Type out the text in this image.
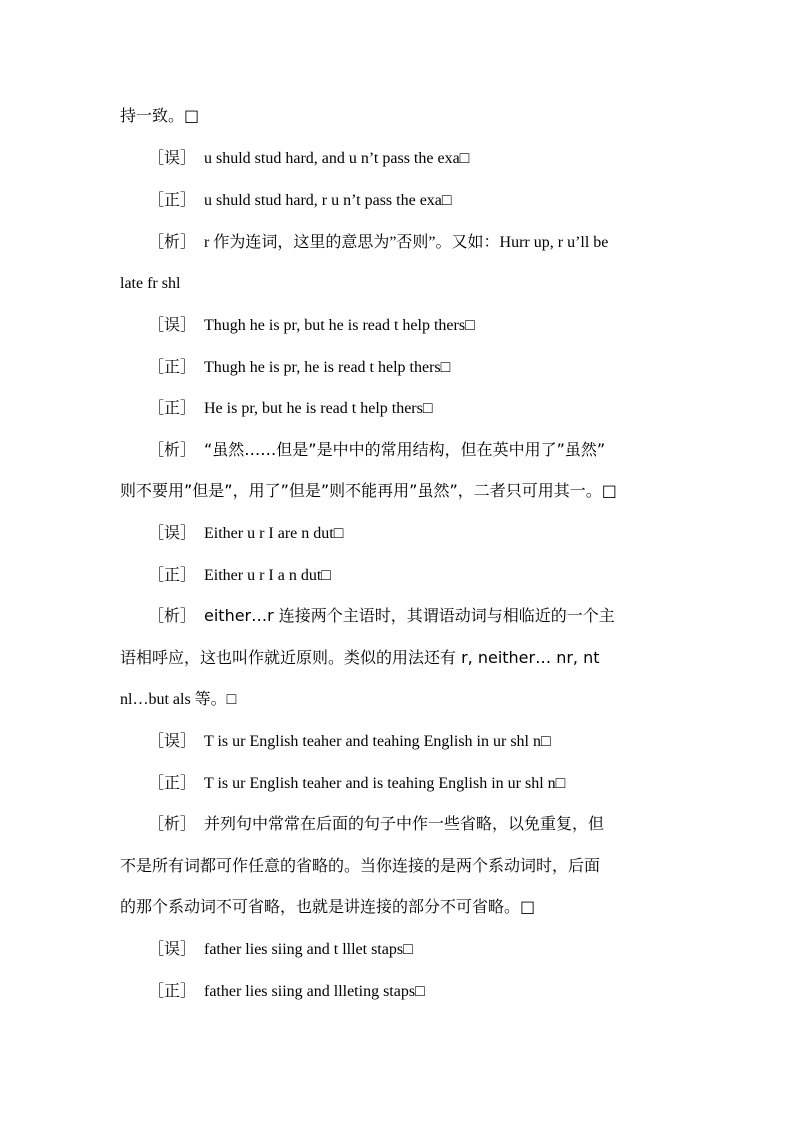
持一致。□
［误］ u shuld stud hard, and u n’t pass the exa□
［正］ u shuld stud hard, r u n’t pass the exa□
［析］ r 作为连词，这里的意思为”否则”。又如：Hurr up, r u’ll be
late fr shl
［误］ Thugh he is pr, but he is read t help thers□
［正］ Thugh he is pr, he is read t help thers□
［正］ He is pr, but he is read t help thers□
［析］ “虽然……但是”是中中的常用结构，但在英中用了”虽然”
则不要用”但是”，用了”但是”则不能再用”虽然”，二者只可用其一。□
［误］ Either u r I are n dut□
［正］ Either u r I a n dut□
［析］ either…r 连接两个主语时，其谓语动词与相临近的一个主
语相呼应，这也叫作就近原则。类似的用法还有 r, neither… nr, nt
nl…but als 等。□
［误］ T is ur English teaher and teahing English in ur shl n□
［正］ T is ur English teaher and is teahing English in ur shl n□
［析］ 并列句中常常在后面的句子中作一些省略，以免重复，但
不是所有词都可作任意的省略的。当你连接的是两个系动词时，后面
的那个系动词不可省略，也就是讲连接的部分不可省略。□
［误］ father lies siing and t lllet staps□
［正］ father lies siing and llleting staps□
